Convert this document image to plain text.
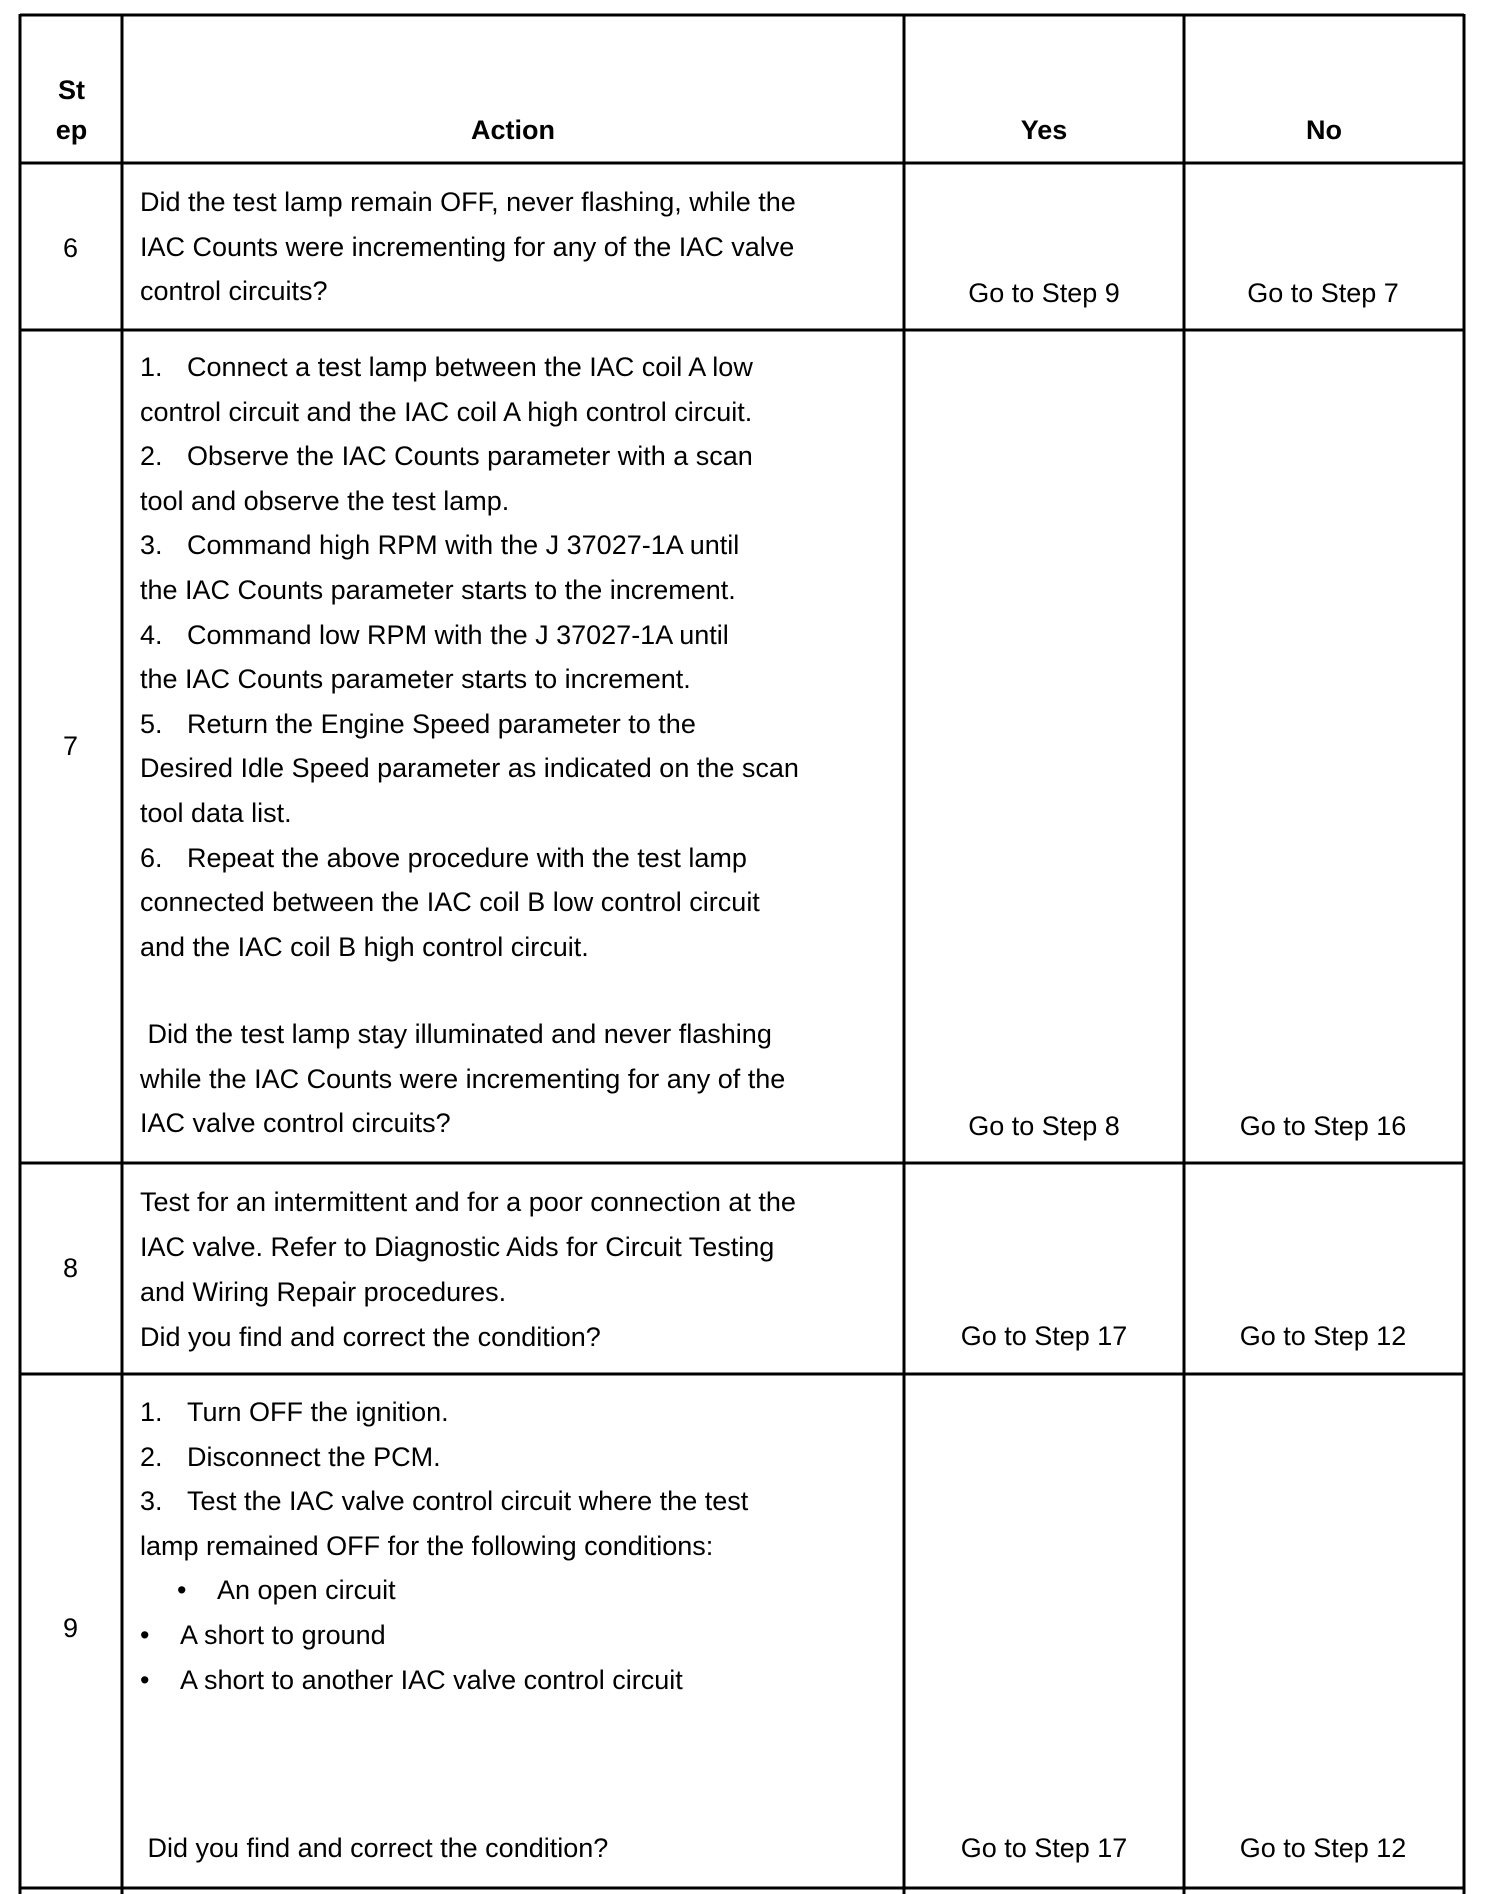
St
ep	Action	Yes	No
6
Did the test lamp remain OFF, never flashing, while the
IAC Counts were incrementing for any of the IAC valve
control circuits?	Go to Step 9	Go to Step 7
7
1. Connect a test lamp between the IAC coil A low
control circuit and the IAC coil A high control circuit.
2. Observe the IAC Counts parameter with a scan
tool and observe the test lamp.
3. Command high RPM with the J 37027-1A until
the IAC Counts parameter starts to the increment.
4. Command low RPM with the J 37027-1A until
the IAC Counts parameter starts to increment.
5. Return the Engine Speed parameter to the
Desired Idle Speed parameter as indicated on the scan
tool data list.
6. Repeat the above procedure with the test lamp
connected between the IAC coil B low control circuit
and the IAC coil B high control circuit.
Did the test lamp stay illuminated and never flashing
while the IAC Counts were incrementing for any of the
IAC valve control circuits?	Go to Step 8	Go to Step 16
8
Test for an intermittent and for a poor connection at the
IAC valve. Refer to Diagnostic Aids for Circuit Testing
and Wiring Repair procedures.
Did you find and correct the condition?	Go to Step 17	Go to Step 12
9
1. Turn OFF the ignition.
2. Disconnect the PCM.
3. Test the IAC valve control circuit where the test
lamp remained OFF for the following conditions:
• An open circuit
• A short to ground
• A short to another IAC valve control circuit
Did you find and correct the condition?	Go to Step 17	Go to Step 12
